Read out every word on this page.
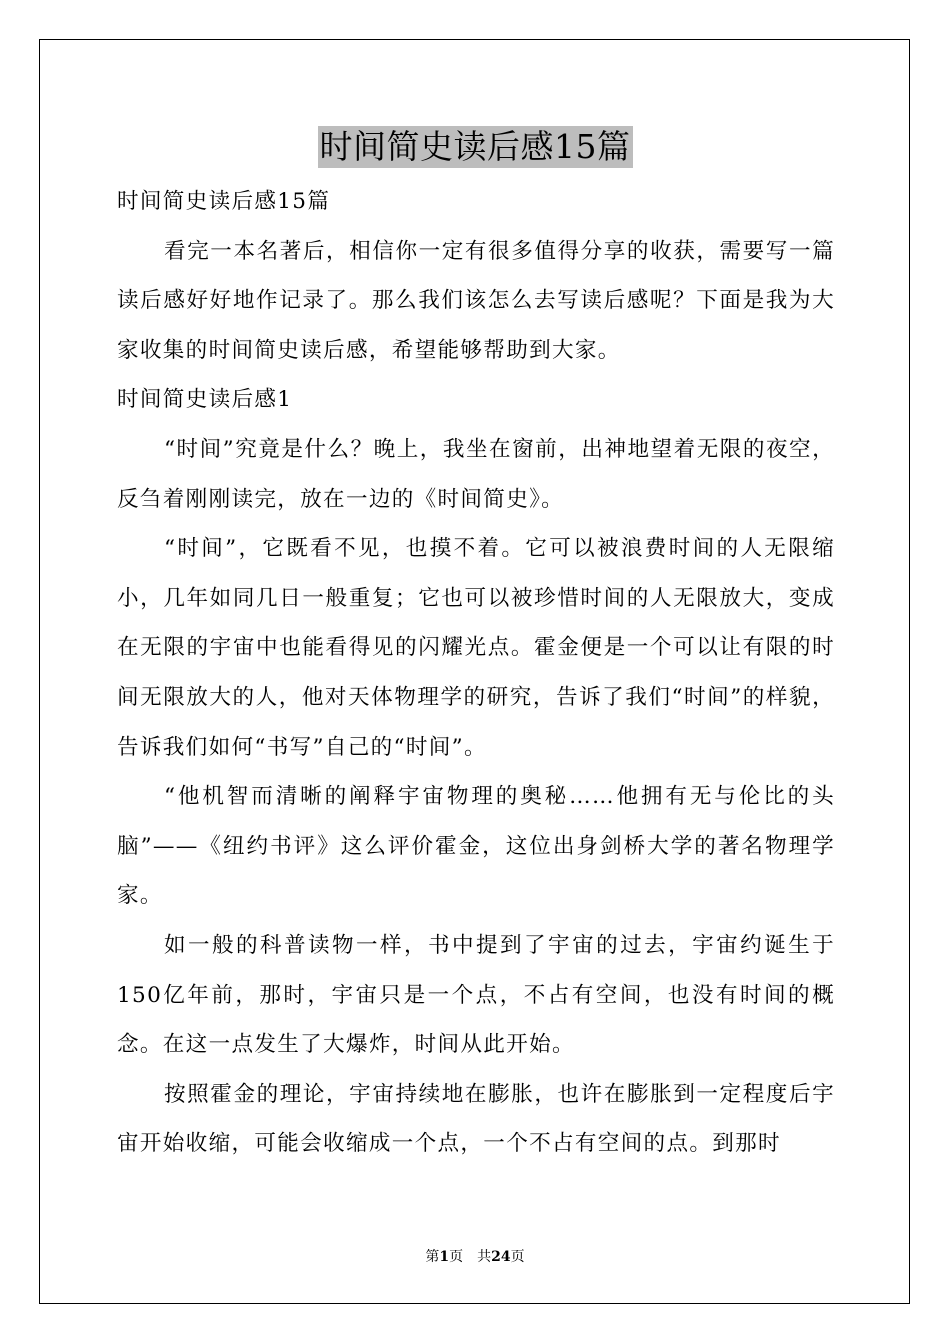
时间简史读后感15篇

时间简史读后感15篇

看完一本名著后，相信你一定有很多值得分享的收获，需要写一篇读后感好好地作记录了。那么我们该怎么去写读后感呢？下面是我为大家收集的时间简史读后感，希望能够帮助到大家。

时间简史读后感1

“时间”究竟是什么？晚上，我坐在窗前，出神地望着无限的夜空，反刍着刚刚读完，放在一边的《时间简史》。

“时间”，它既看不见，也摸不着。它可以被浪费时间的人无限缩小，几年如同几日一般重复；它也可以被珍惜时间的人无限放大，变成在无限的宇宙中也能看得见的闪耀光点。霍金便是一个可以让有限的时间无限放大的人，他对天体物理学的研究，告诉了我们“时间”的样貌，告诉我们如何“书写”自己的“时间”。

“他机智而清晰的阐释宇宙物理的奥秘……他拥有无与伦比的头脑”——《纽约书评》这么评价霍金，这位出身剑桥大学的著名物理学家。

如一般的科普读物一样，书中提到了宇宙的过去，宇宙约诞生于150亿年前，那时，宇宙只是一个点，不占有空间，也没有时间的概念。在这一点发生了大爆炸，时间从此开始。

按照霍金的理论，宇宙持续地在膨胀，也许在膨胀到一定程度后宇宙开始收缩，可能会收缩成一个点，一个不占有空间的点。到那时

第1页　共24页
